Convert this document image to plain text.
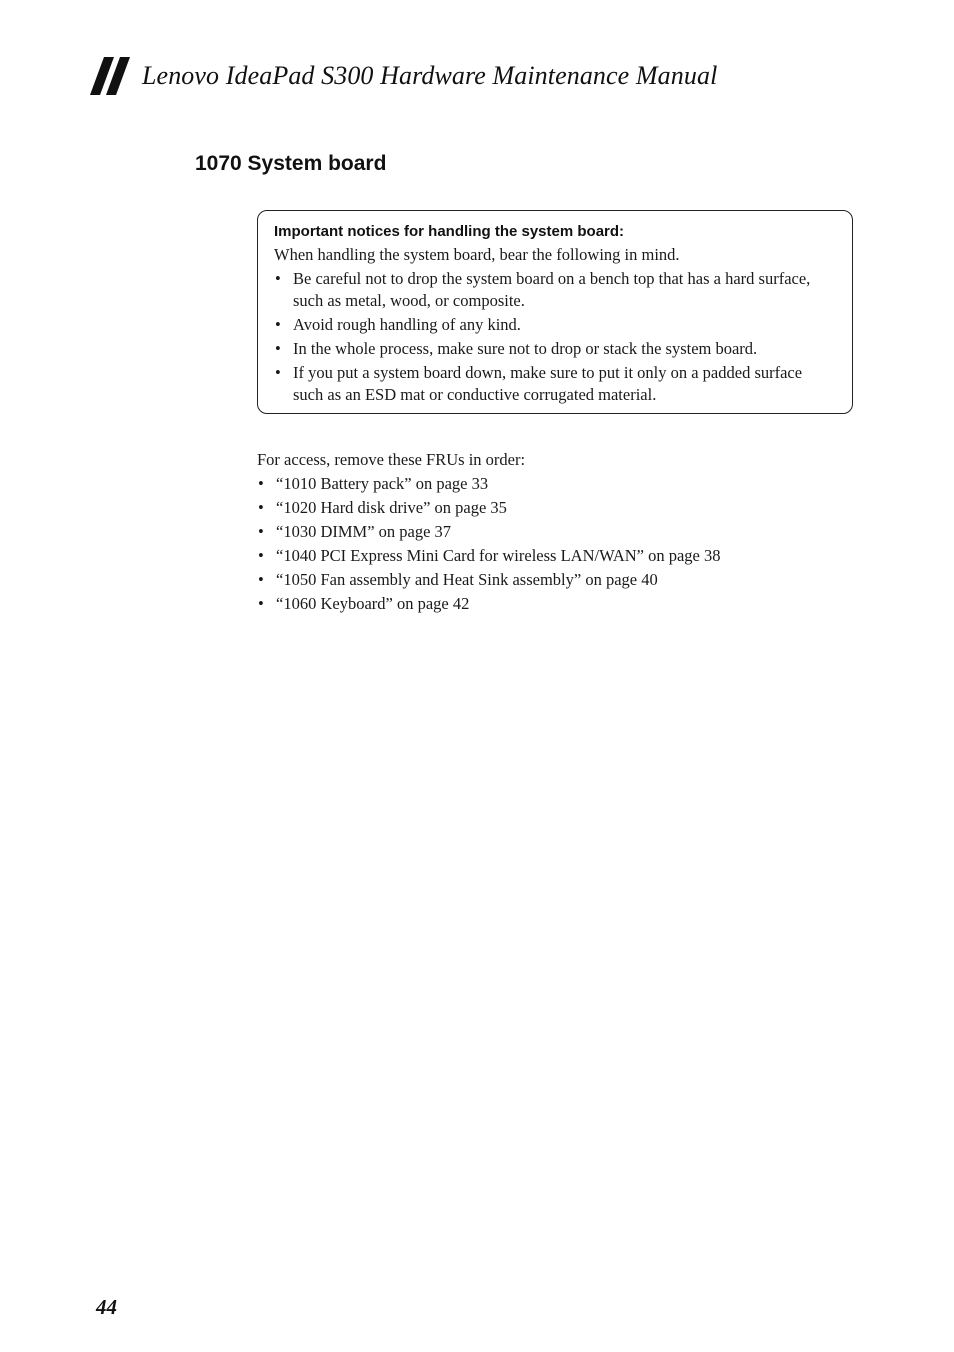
Lenovo IdeaPad S300 Hardware Maintenance Manual
1070 System board
Important notices for handling the system board:
When handling the system board, bear the following in mind.
• Be careful not to drop the system board on a bench top that has a hard surface, such as metal, wood, or composite.
• Avoid rough handling of any kind.
• In the whole process, make sure not to drop or stack the system board.
• If you put a system board down, make sure to put it only on a padded surface such as an ESD mat or conductive corrugated material.
For access, remove these FRUs in order:
• “1010 Battery pack” on page 33
• “1020 Hard disk drive” on page 35
• “1030 DIMM” on page 37
• “1040 PCI Express Mini Card for wireless LAN/WAN” on page 38
• “1050 Fan assembly and Heat Sink assembly” on page 40
• “1060 Keyboard” on page 42
44
